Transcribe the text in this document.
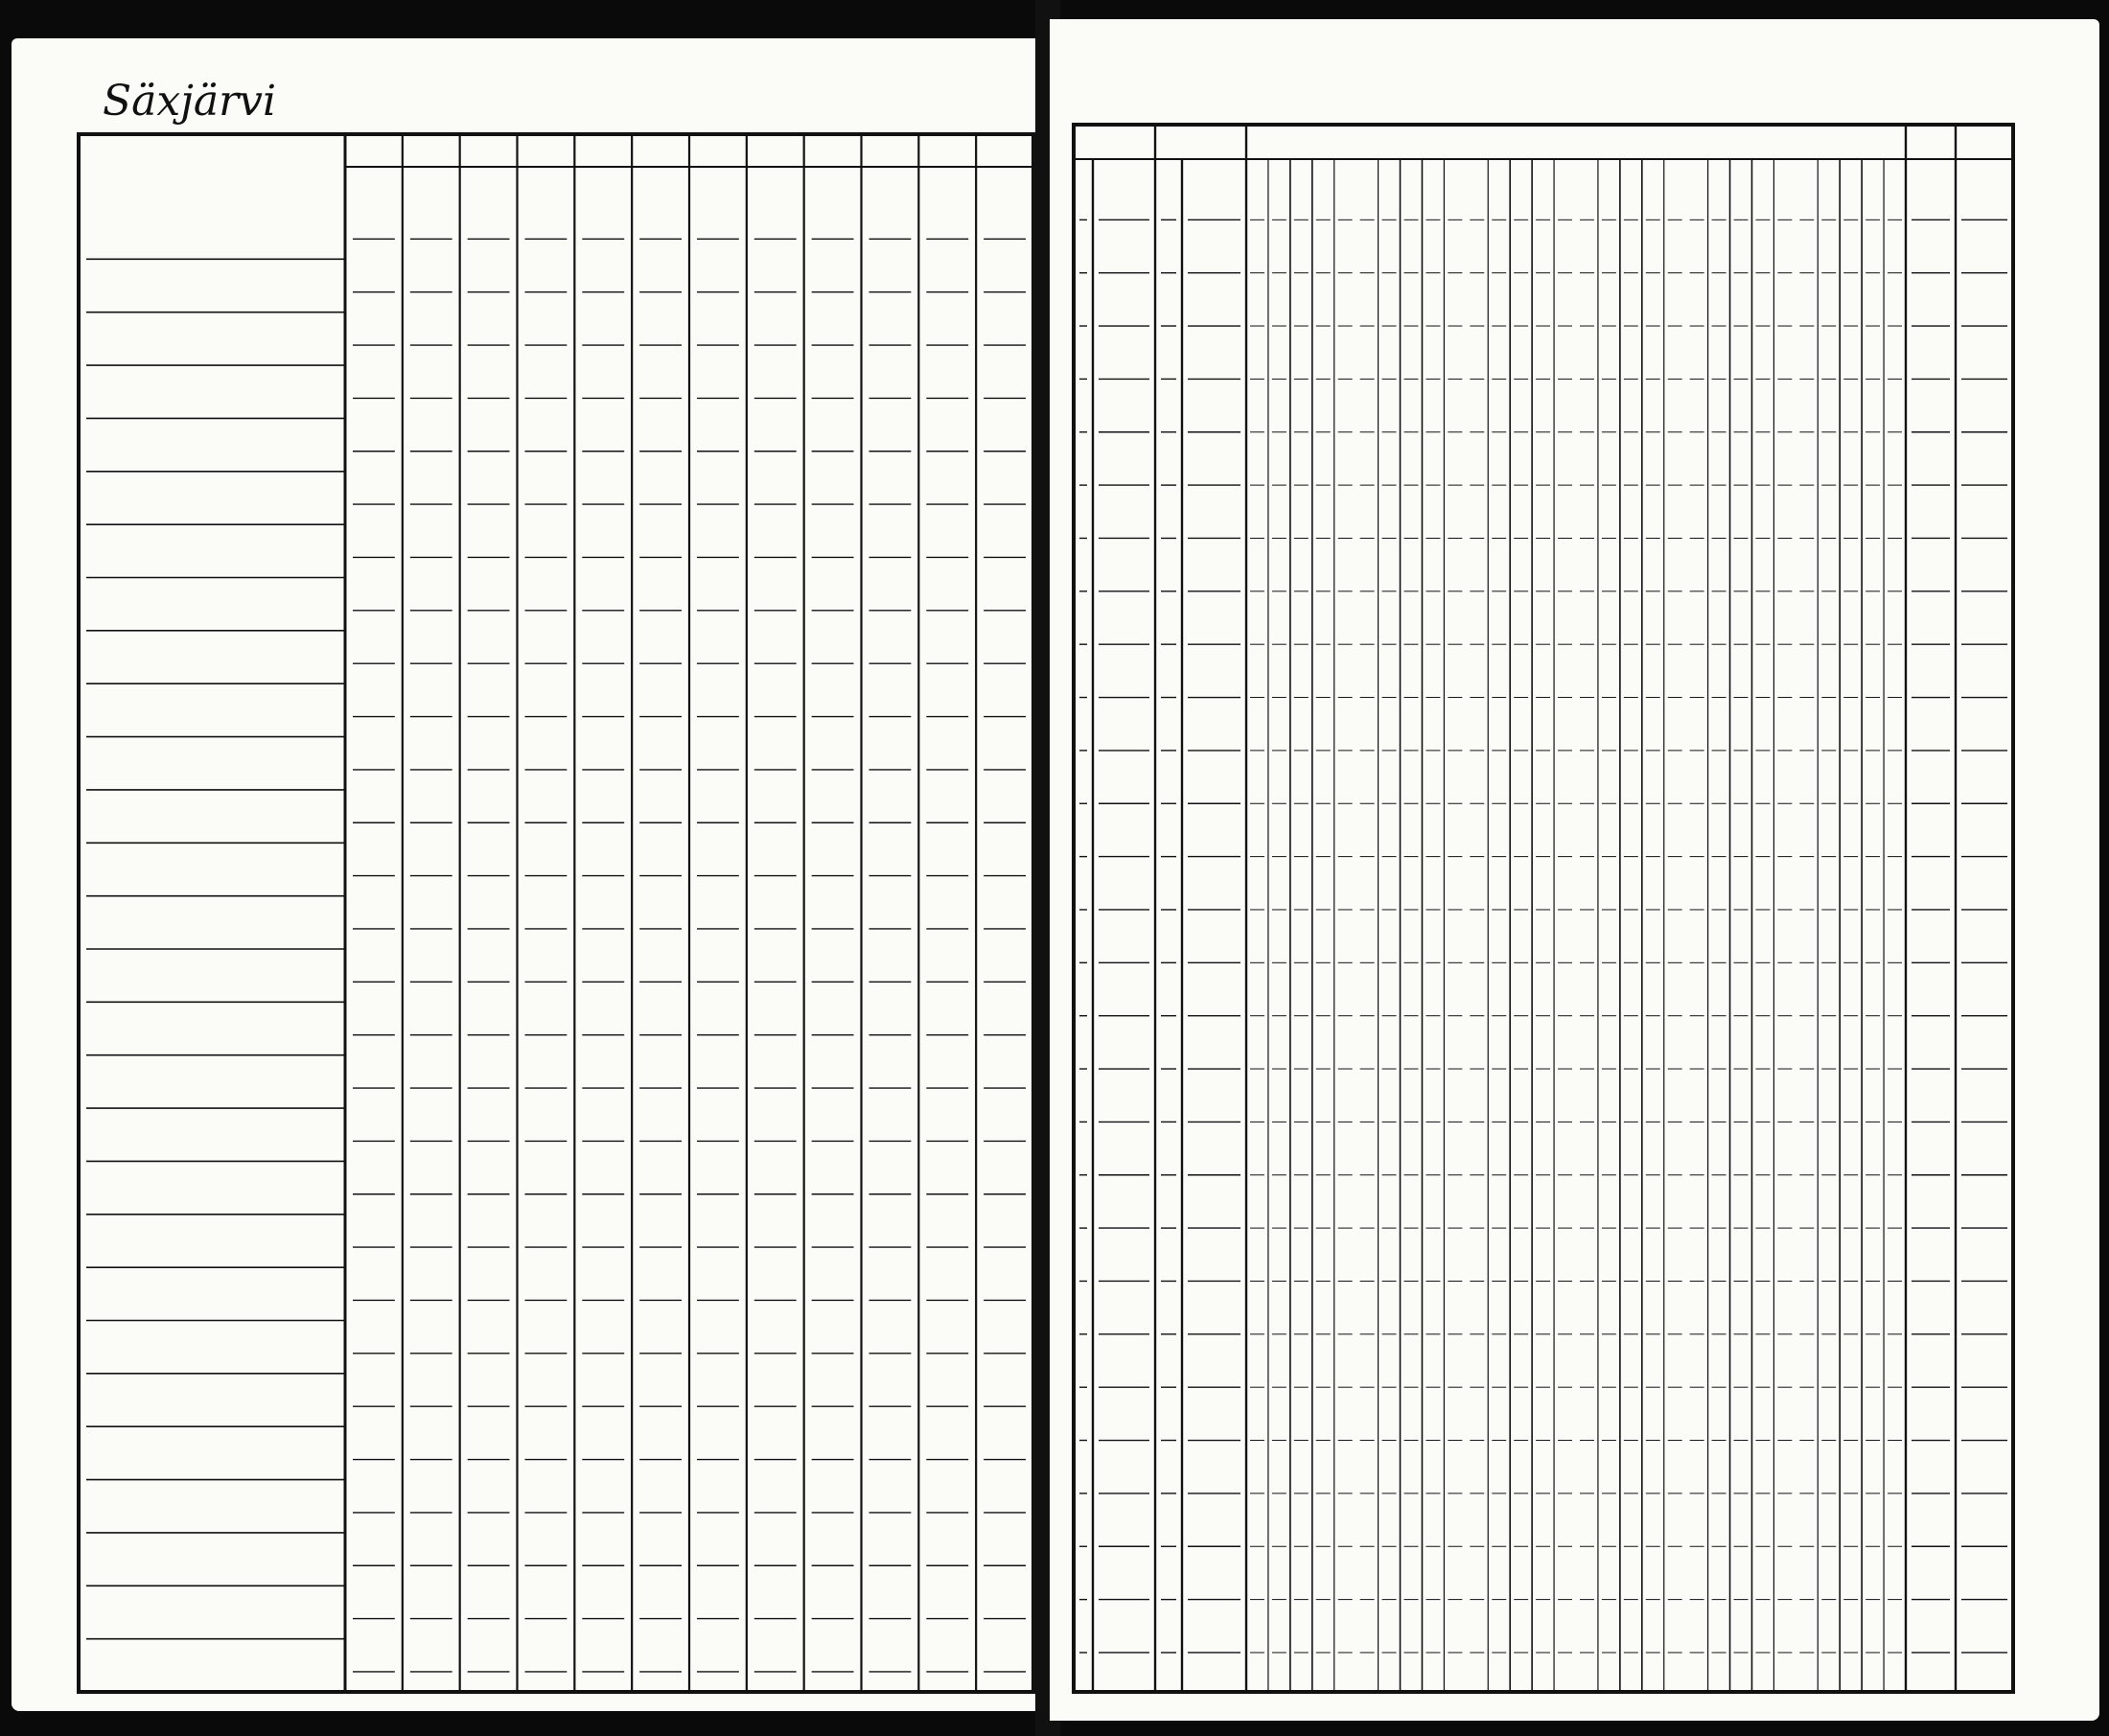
Säxjärvi
